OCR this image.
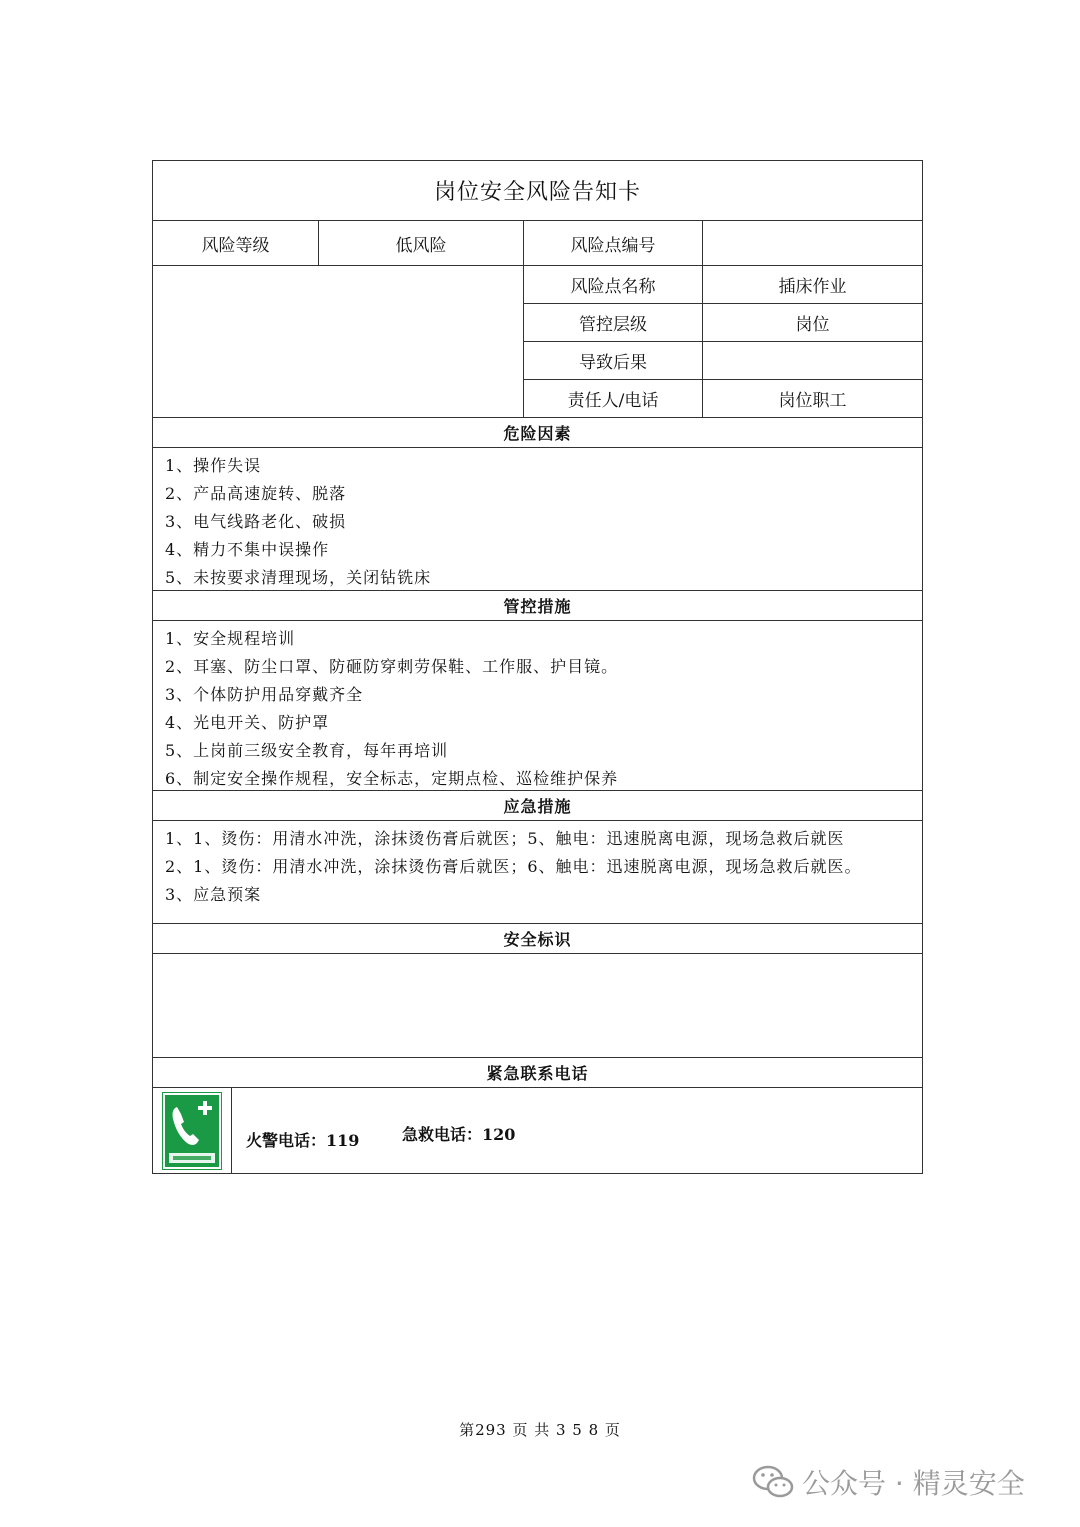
岗位安全风险告知卡
风险等级	低风险	风险点编号
风险点名称	插床作业
管控层级	岗位
导致后果
责任人/电话	岗位职工
危险因素
1、操作失误
2、产品高速旋转、脱落
3、电气线路老化、破损
4、精力不集中误操作
5、未按要求清理现场，关闭钻铣床
管控措施
1、安全规程培训
2、耳塞、防尘口罩、防砸防穿刺劳保鞋、工作服、护目镜。
3、个体防护用品穿戴齐全
4、光电开关、防护罩
5、上岗前三级安全教育，每年再培训
6、制定安全操作规程，安全标志，定期点检、巡检维护保养
应急措施
1、1、烫伤：用清水冲洗，涂抹烫伤膏后就医；5、触电：迅速脱离电源，现场急救后就医
2、1、烫伤：用清水冲洗，涂抹烫伤膏后就医；6、触电：迅速脱离电源，现场急救后就医。
3、应急预案
安全标识
紧急联系电话
火警电话：119	急救电话：120
第293 页 共 3 5 8 页
公众号 · 精灵安全
